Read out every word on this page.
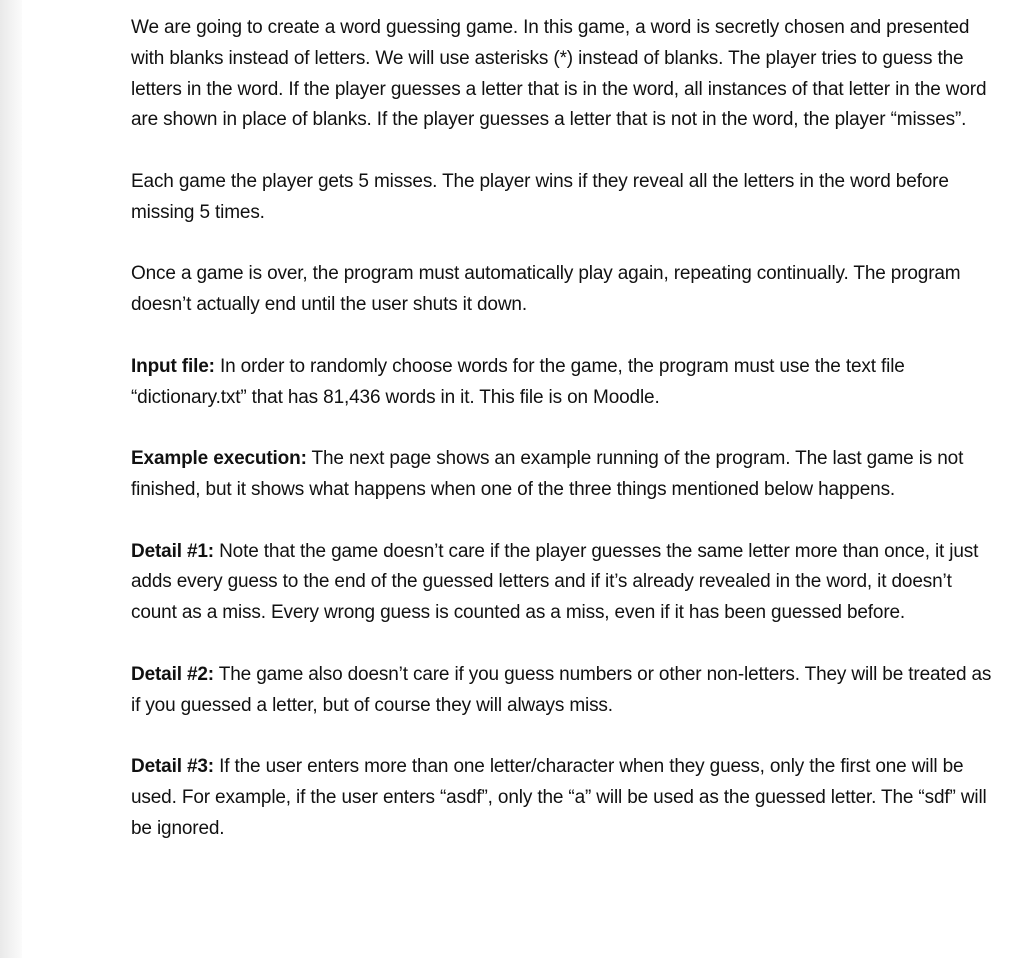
We are going to create a word guessing game. In this game, a word is secretly chosen and presented with blanks instead of letters. We will use asterisks (*) instead of blanks. The player tries to guess the letters in the word. If the player guesses a letter that is in the word, all instances of that letter in the word are shown in place of blanks. If the player guesses a letter that is not in the word, the player “misses”.

Each game the player gets 5 misses. The player wins if they reveal all the letters in the word before missing 5 times.

Once a game is over, the program must automatically play again, repeating continually. The program doesn’t actually end until the user shuts it down.

Input file: In order to randomly choose words for the game, the program must use the text file “dictionary.txt” that has 81,436 words in it. This file is on Moodle.

Example execution: The next page shows an example running of the program. The last game is not finished, but it shows what happens when one of the three things mentioned below happens.

Detail #1: Note that the game doesn’t care if the player guesses the same letter more than once, it just adds every guess to the end of the guessed letters and if it’s already revealed in the word, it doesn’t count as a miss. Every wrong guess is counted as a miss, even if it has been guessed before.

Detail #2: The game also doesn’t care if you guess numbers or other non-letters. They will be treated as if you guessed a letter, but of course they will always miss.

Detail #3: If the user enters more than one letter/character when they guess, only the first one will be used. For example, if the user enters “asdf”, only the “a” will be used as the guessed letter. The “sdf” will be ignored.
